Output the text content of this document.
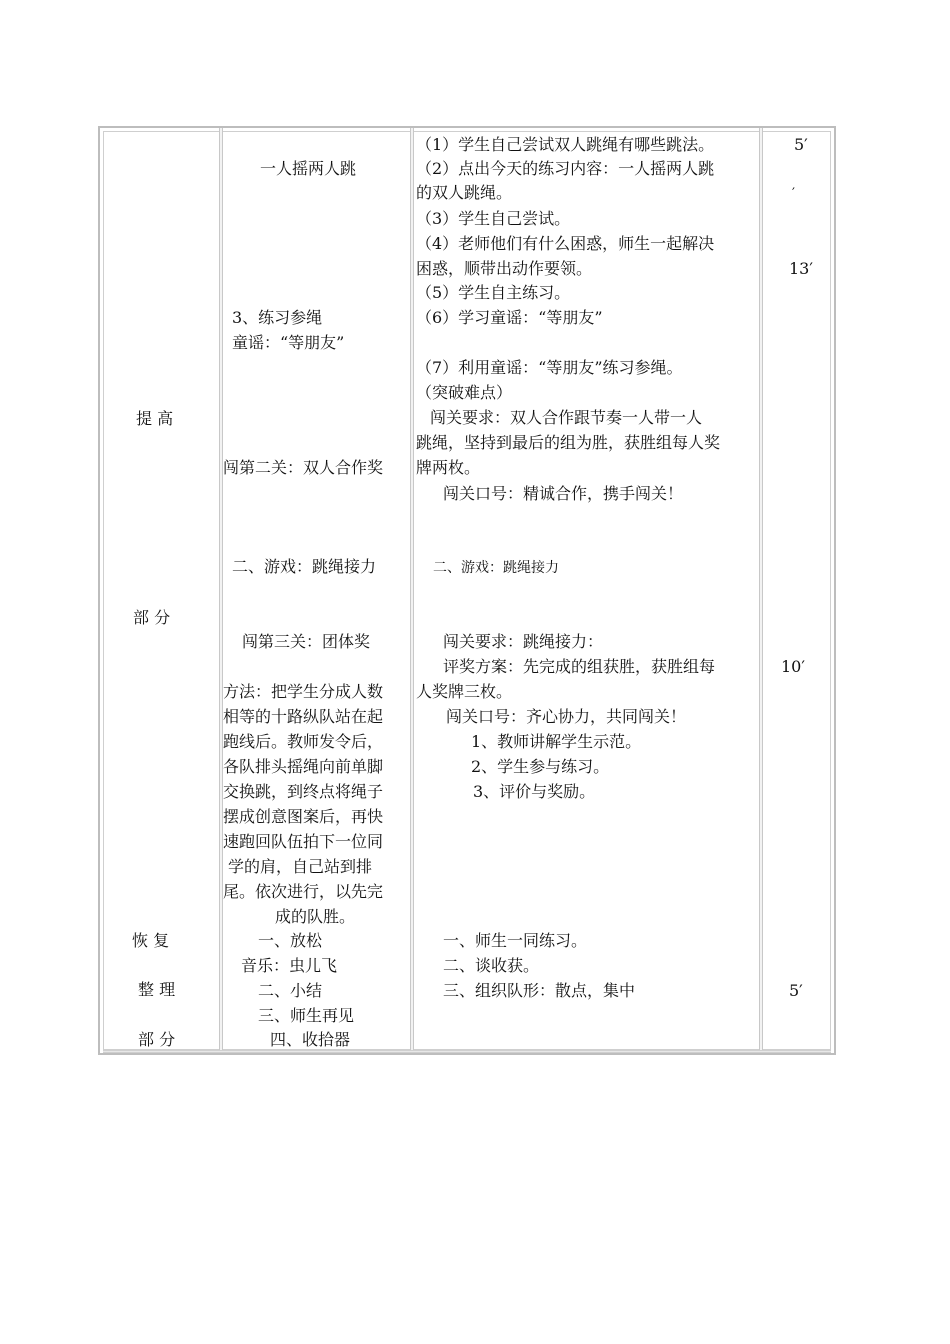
提 高
部 分
恢 复
整 理
部 分
一人摇两人跳
3、练习参绳
童谣：“等朋友”
闯第二关：双人合作奖
二、游戏：跳绳接力
闯第三关：团体奖
方法：把学生分成人数
相等的十路纵队站在起
跑线后。教师发令后，
各队排头摇绳向前单脚
交换跳，到终点将绳子
摆成创意图案后，再快
速跑回队伍拍下一位同
学的肩，自己站到排
尾。依次进行，以先完
成的队胜。
一、放松
音乐：虫儿飞
二、小结
三、师生再见
四、收拾器
（1）学生自己尝试双人跳绳有哪些跳法。
（2）点出今天的练习内容：一人摇两人跳
的双人跳绳。
（3）学生自己尝试。
（4）老师他们有什么困惑，师生一起解决
困惑，顺带出动作要领。
（5）学生自主练习。
（6）学习童谣：“等朋友”
（7）利用童谣：“等朋友”练习参绳。
（突破难点）
闯关要求：双人合作跟节奏一人带一人
跳绳，坚持到最后的组为胜，获胜组每人奖
牌两枚。
闯关口号：精诚合作，携手闯关！
二、游戏：跳绳接力
闯关要求：跳绳接力：
评奖方案：先完成的组获胜，获胜组每
人奖牌三枚。
闯关口号：齐心协力，共同闯关！
1、教师讲解学生示范。
2、学生参与练习。
3、评价与奖励。
一、师生一同练习。
二、谈收获。
三、组织队形：散点，集中
5′
′
13′
10′
5′
